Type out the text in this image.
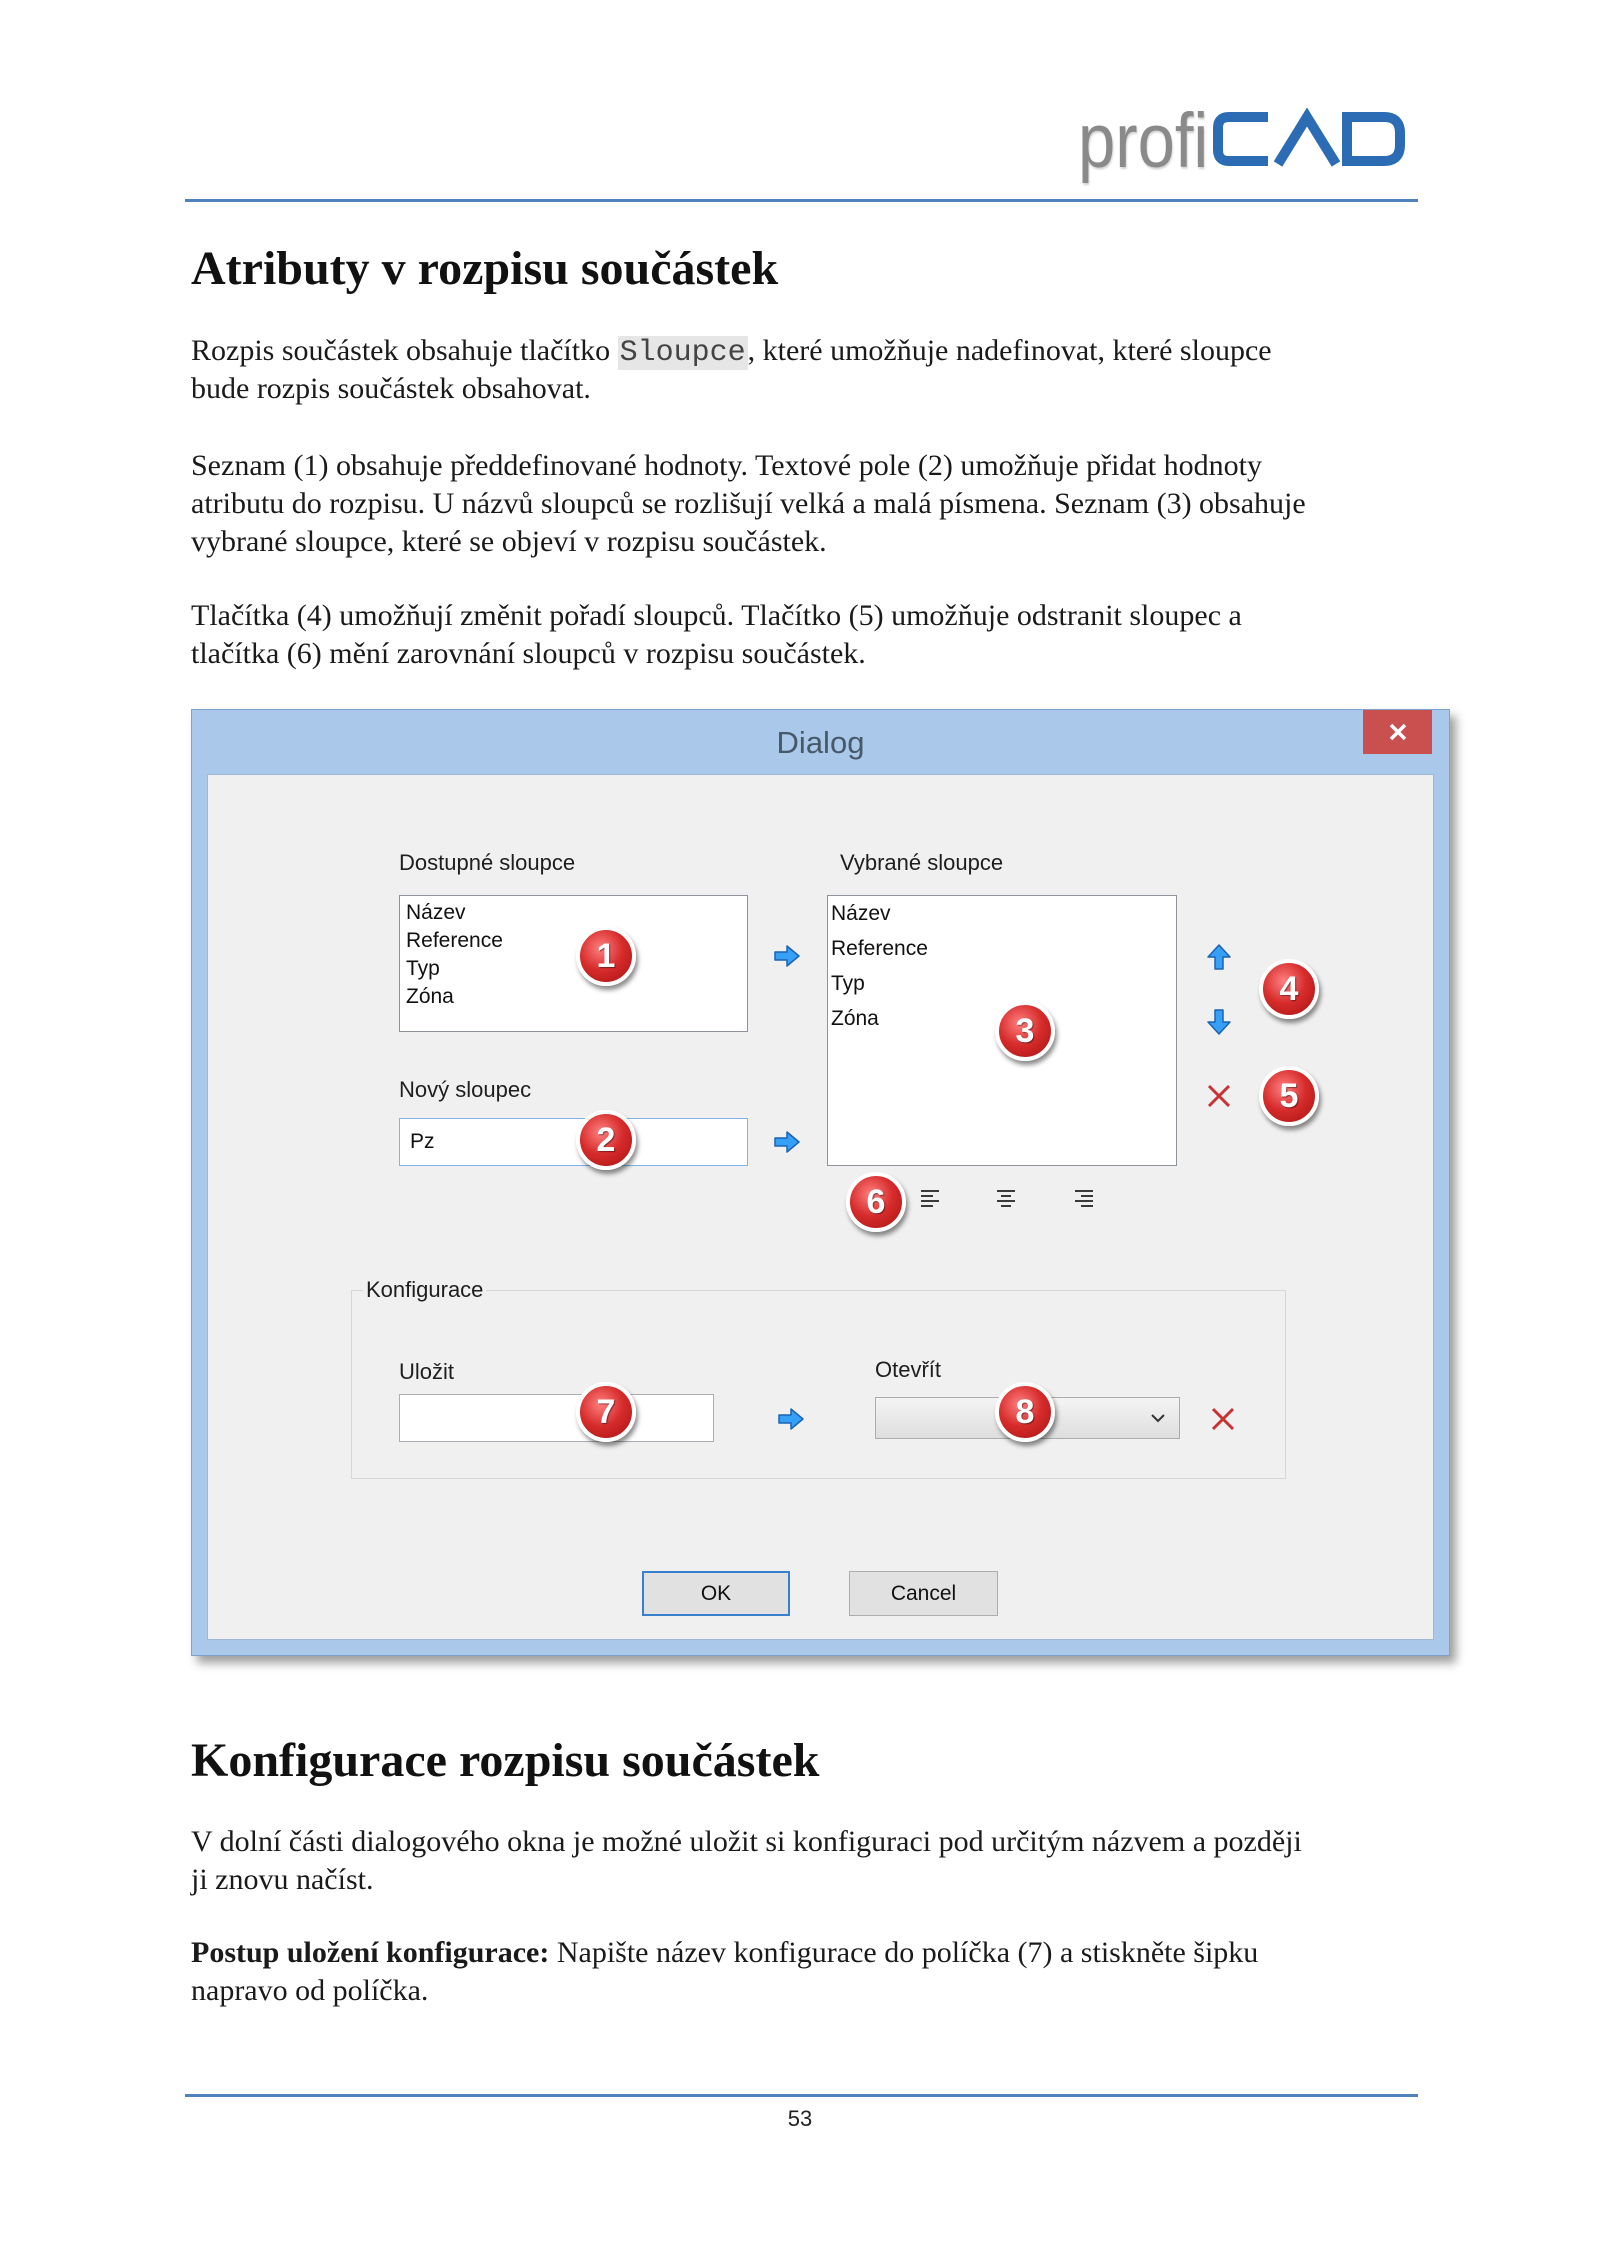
profi
Atributy v rozpisu součástek
Rozpis součástek obsahuje tlačítko Sloupce, které umožňuje nadefinovat, které sloupce
bude rozpis součástek obsahovat.
Seznam (1) obsahuje předdefinované hodnoty. Textové pole (2) umožňuje přidat hodnoty
atributu do rozpisu. U názvů sloupců se rozlišují velká a malá písmena. Seznam (3) obsahuje
vybrané sloupce, které se objeví v rozpisu součástek.
Tlačítka (4) umožňují změnit pořadí sloupců. Tlačítko (5) umožňuje odstranit sloupec a
tlačítka (6) mění zarovnání sloupců v rozpisu součástek.
Dialog
Dostupné sloupce
Název
Reference
Typ
Zóna
Vybrané sloupce
Název
Reference
Typ
Zóna
Nový sloupec
Pz
Konfigurace
Uložit	Otevřít
OK	Cancel
1
2
3
4
5
6
7	8
Konfigurace rozpisu součástek
V dolní části dialogového okna je možné uložit si konfiguraci pod určitým názvem a později
ji znovu načíst.
Postup uložení konfigurace: Napište název konfigurace do políčka (7) a stiskněte šipku
napravo od políčka.
53
